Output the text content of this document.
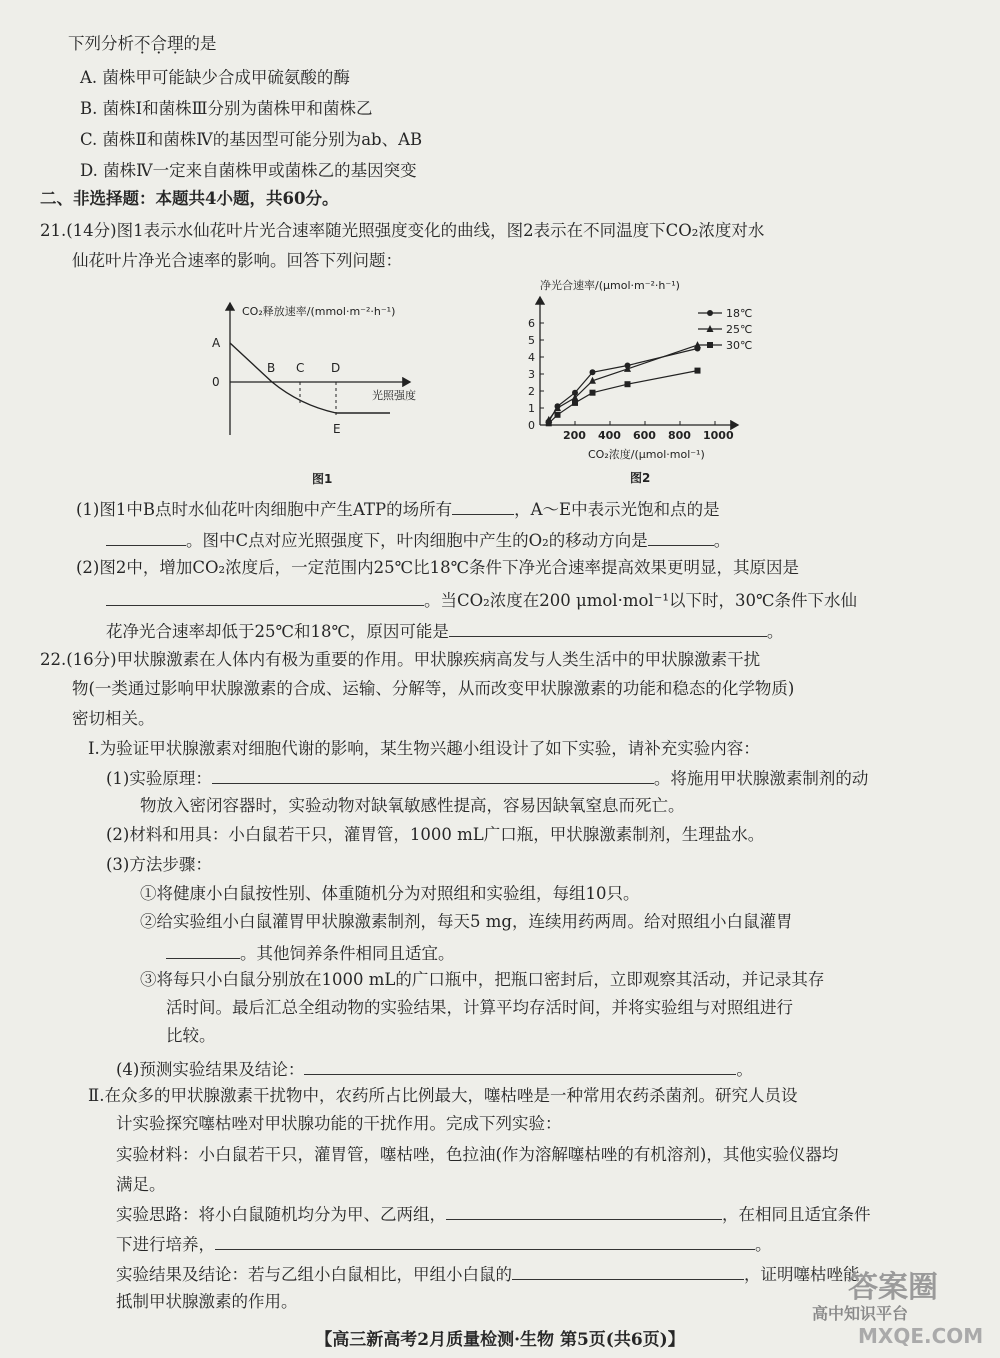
下列分析不合理的是
A. 菌株甲可能缺少合成甲硫氨酸的酶
B. 菌株Ⅰ和菌株Ⅲ分别为菌株甲和菌株乙
C. 菌株Ⅱ和菌株Ⅳ的基因型可能分别为ab、AB
D. 菌株Ⅳ一定来自菌株甲或菌株乙的基因突变
二、非选择题：本题共4小题，共60分。
21.(14分)图1表示水仙花叶片光合速率随光照强度变化的曲线，图2表示在不同温度下CO₂浓度对水
仙花叶片净光合速率的影响。回答下列问题：
CO₂释放速率/(mmol·m⁻²·h⁻¹)
光照强度
A
0
B C D
E
图1
净光合速率/(μmol·m⁻²·h⁻¹)
0
1
2
3
4
5
6
200 400 600 800 1000
18℃
25℃
30℃
CO₂浓度/(μmol·mol⁻¹)
图2
(1)图1中B点时水仙花叶肉细胞中产生ATP的场所有	，A～E中表示光饱和点的是
。图中C点对应光照强度下，叶肉细胞中产生的O₂的移动方向是	。
(2)图2中，增加CO₂浓度后，一定范围内25℃比18℃条件下净光合速率提高效果更明显，其原因是
。当CO₂浓度在200 μmol·mol⁻¹以下时，30℃条件下水仙
花净光合速率却低于25℃和18℃，原因可能是	。
22.(16分)甲状腺激素在人体内有极为重要的作用。甲状腺疾病高发与人类生活中的甲状腺激素干扰
物(一类通过影响甲状腺激素的合成、运输、分解等，从而改变甲状腺激素的功能和稳态的化学物质)
密切相关。
Ⅰ.为验证甲状腺激素对细胞代谢的影响，某生物兴趣小组设计了如下实验，请补充实验内容：
(1)实验原理：	。将施用甲状腺激素制剂的动
物放入密闭容器时，实验动物对缺氧敏感性提高，容易因缺氧窒息而死亡。
(2)材料和用具：小白鼠若干只，灌胃管，1000 mL广口瓶，甲状腺激素制剂，生理盐水。
(3)方法步骤：
①将健康小白鼠按性别、体重随机分为对照组和实验组，每组10只。
②给实验组小白鼠灌胃甲状腺激素制剂，每天5 mg，连续用药两周。给对照组小白鼠灌胃
。其他饲养条件相同且适宜。
③将每只小白鼠分别放在1000 mL的广口瓶中，把瓶口密封后，立即观察其活动，并记录其存
活时间。最后汇总全组动物的实验结果，计算平均存活时间，并将实验组与对照组进行
比较。
(4)预测实验结果及结论：	。
Ⅱ.在众多的甲状腺激素干扰物中，农药所占比例最大，噻枯唑是一种常用农药杀菌剂。研究人员设
计实验探究噻枯唑对甲状腺功能的干扰作用。完成下列实验：
实验材料：小白鼠若干只，灌胃管，噻枯唑，色拉油(作为溶解噻枯唑的有机溶剂)，其他实验仪器均
满足。
实验思路：将小白鼠随机均分为甲、乙两组，	，在相同且适宜条件
下进行培养，	。
实验结果及结论：若与乙组小白鼠相比，甲组小白鼠的	，证明噻枯唑能
抵制甲状腺激素的作用。
【高三新高考2月质量检测·生物 第5页(共6页)】
答案圈
高中知识平台
MXQE.COM
